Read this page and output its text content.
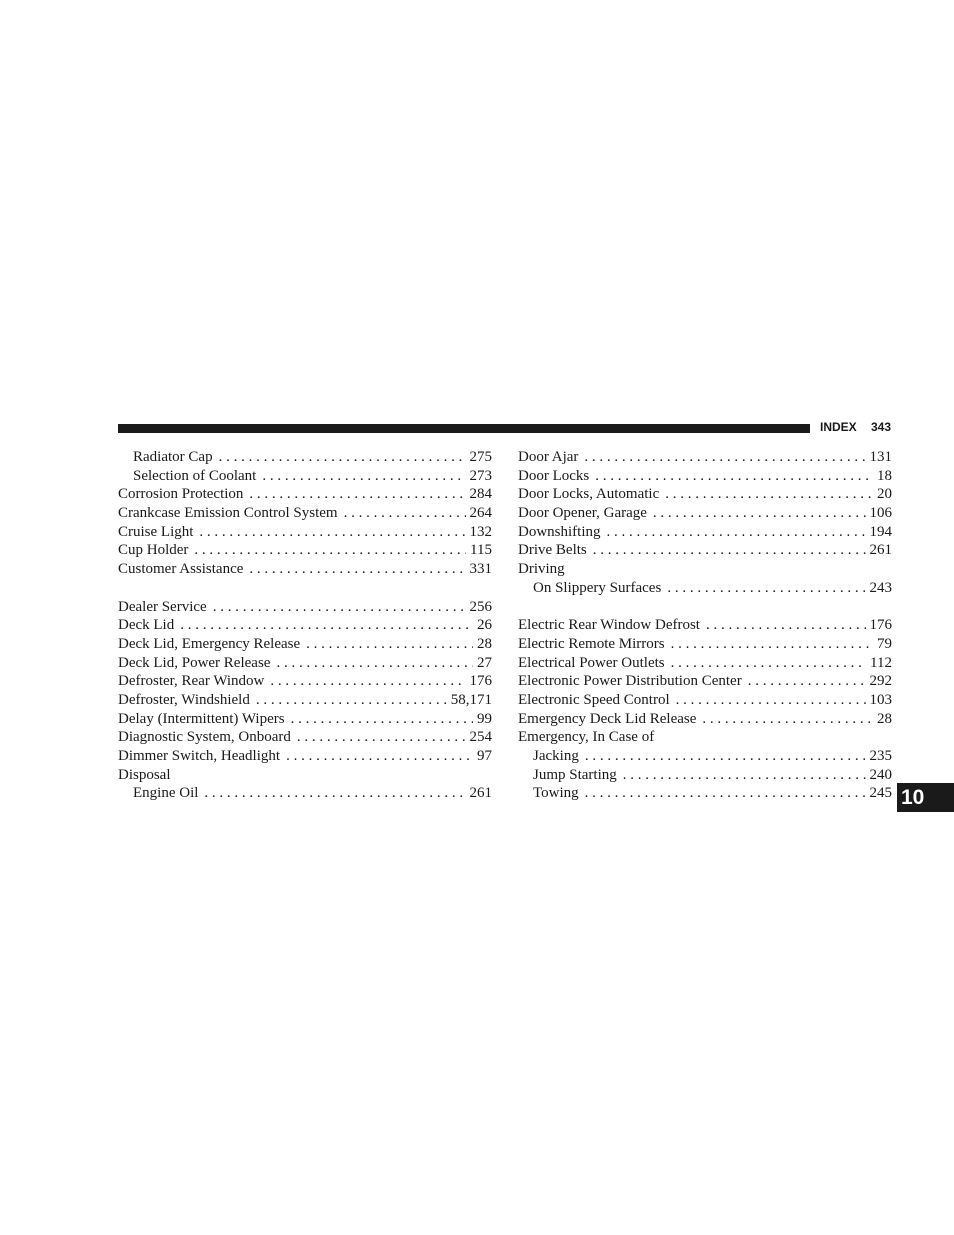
INDEX 343
Radiator Cap . . .	275
Selection of Coolant . . .	273
Corrosion Protection . . .	284
Crankcase Emission Control System . . .	264
Cruise Light . . .	132
Cup Holder . . .	115
Customer Assistance . . .	331
Dealer Service . . .	256
Deck Lid . . .	26
Deck Lid, Emergency Release . . .	28
Deck Lid, Power Release . . .	27
Defroster, Rear Window . . .	176
Defroster, Windshield . . .	58,171
Delay (Intermittent) Wipers . . .	99
Diagnostic System, Onboard . . .	254
Dimmer Switch, Headlight . . .	97
Disposal
Engine Oil . . .	261
Door Ajar . . .	131
Door Locks . . .	18
Door Locks, Automatic . . .	20
Door Opener, Garage . . .	106
Downshifting . . .	194
Drive Belts . . .	261
Driving
On Slippery Surfaces . . .	243
Electric Rear Window Defrost . . .	176
Electric Remote Mirrors . . .	79
Electrical Power Outlets . . .	112
Electronic Power Distribution Center . . .	292
Electronic Speed Control . . .	103
Emergency Deck Lid Release . . .	28
Emergency, In Case of
Jacking . . .	235
Jump Starting . . .	240
Towing . . .	245 10
